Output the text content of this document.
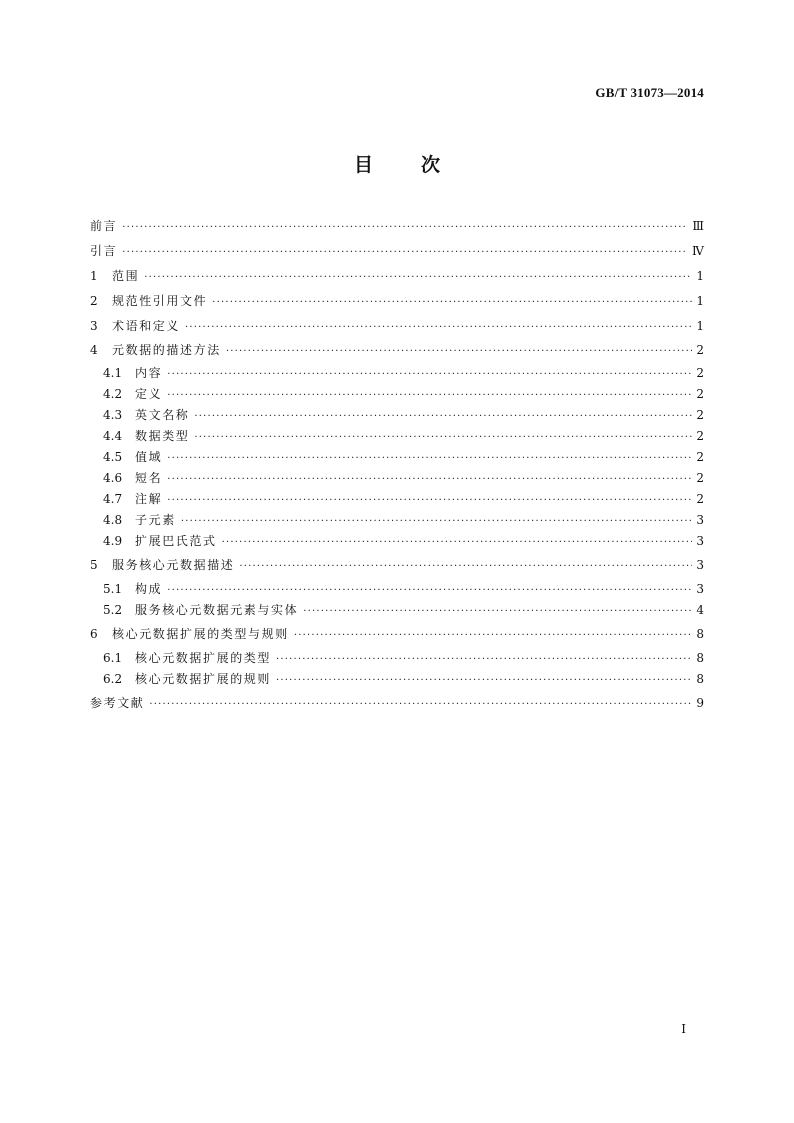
GB/T 31073—2014
目	次
前言 ·····	Ⅲ
引言 ·····	Ⅳ
1	范围 ·····	1
2	规范性引用文件 ·····	1
3	术语和定义 ·····	1
4	元数据的描述方法 ·····	2
4.1	内容 ·····	2
4.2	定义 ·····	2
4.3	英文名称 ·····	2
4.4	数据类型 ·····	2
4.5	值域 ·····	2
4.6	短名 ·····	2
4.7	注解 ·····	2
4.8	子元素 ·····	3
4.9	扩展巴氏范式 ·····	3
5	服务核心元数据描述 ·····	3
5.1	构成 ·····	3
5.2	服务核心元数据元素与实体 ·····	4
6	核心元数据扩展的类型与规则 ·····	8
6.1	核心元数据扩展的类型 ·····	8
6.2	核心元数据扩展的规则 ·····	8
参考文献 ·····	9
Ⅰ
